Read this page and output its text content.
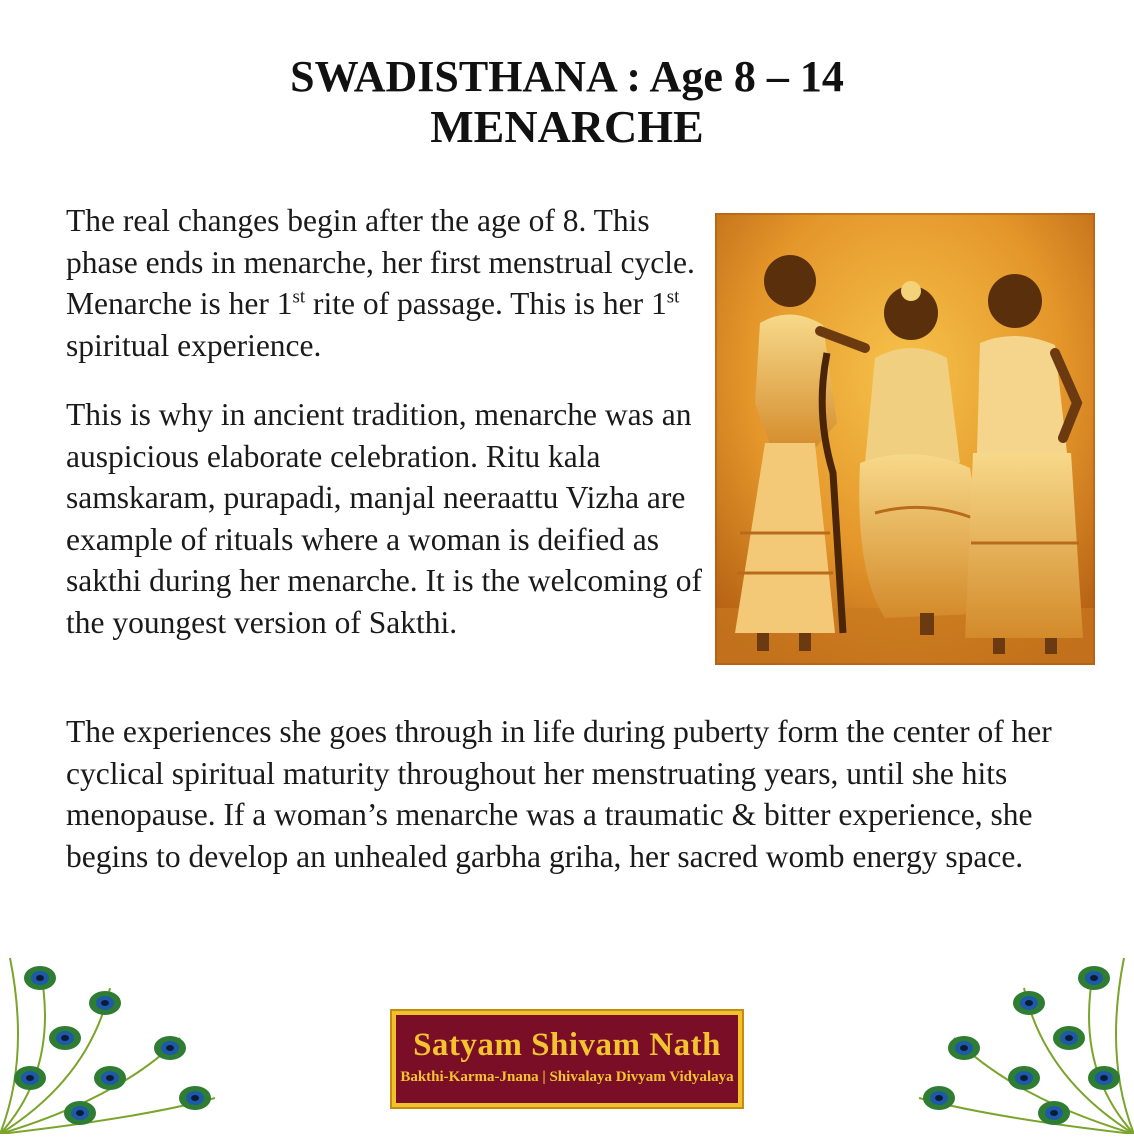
SWADISTHANA : Age 8 – 14
MENARCHE

The real changes begin after the age of 8. This phase ends in menarche, her first menstrual cycle. Menarche is her 1st rite of passage. This is her 1st spiritual experience.

This is why in ancient tradition, menarche was an auspicious elaborate celebration. Ritu kala samskaram, purapadi, manjal neeraattu Vizha are example of rituals where a woman is deified as sakthi during her menarche. It is the welcoming of the youngest version of Sakthi.

The experiences she goes through in life during puberty form the center of her cyclical spiritual maturity throughout her menstruating years, until she hits menopause. If a woman’s menarche was a traumatic & bitter experience, she begins to develop an unhealed garbha griha, her sacred womb energy space.

Satyam Shivam Nath
Bakthi-Karma-Jnana | Shivalaya Divyam Vidyalaya
